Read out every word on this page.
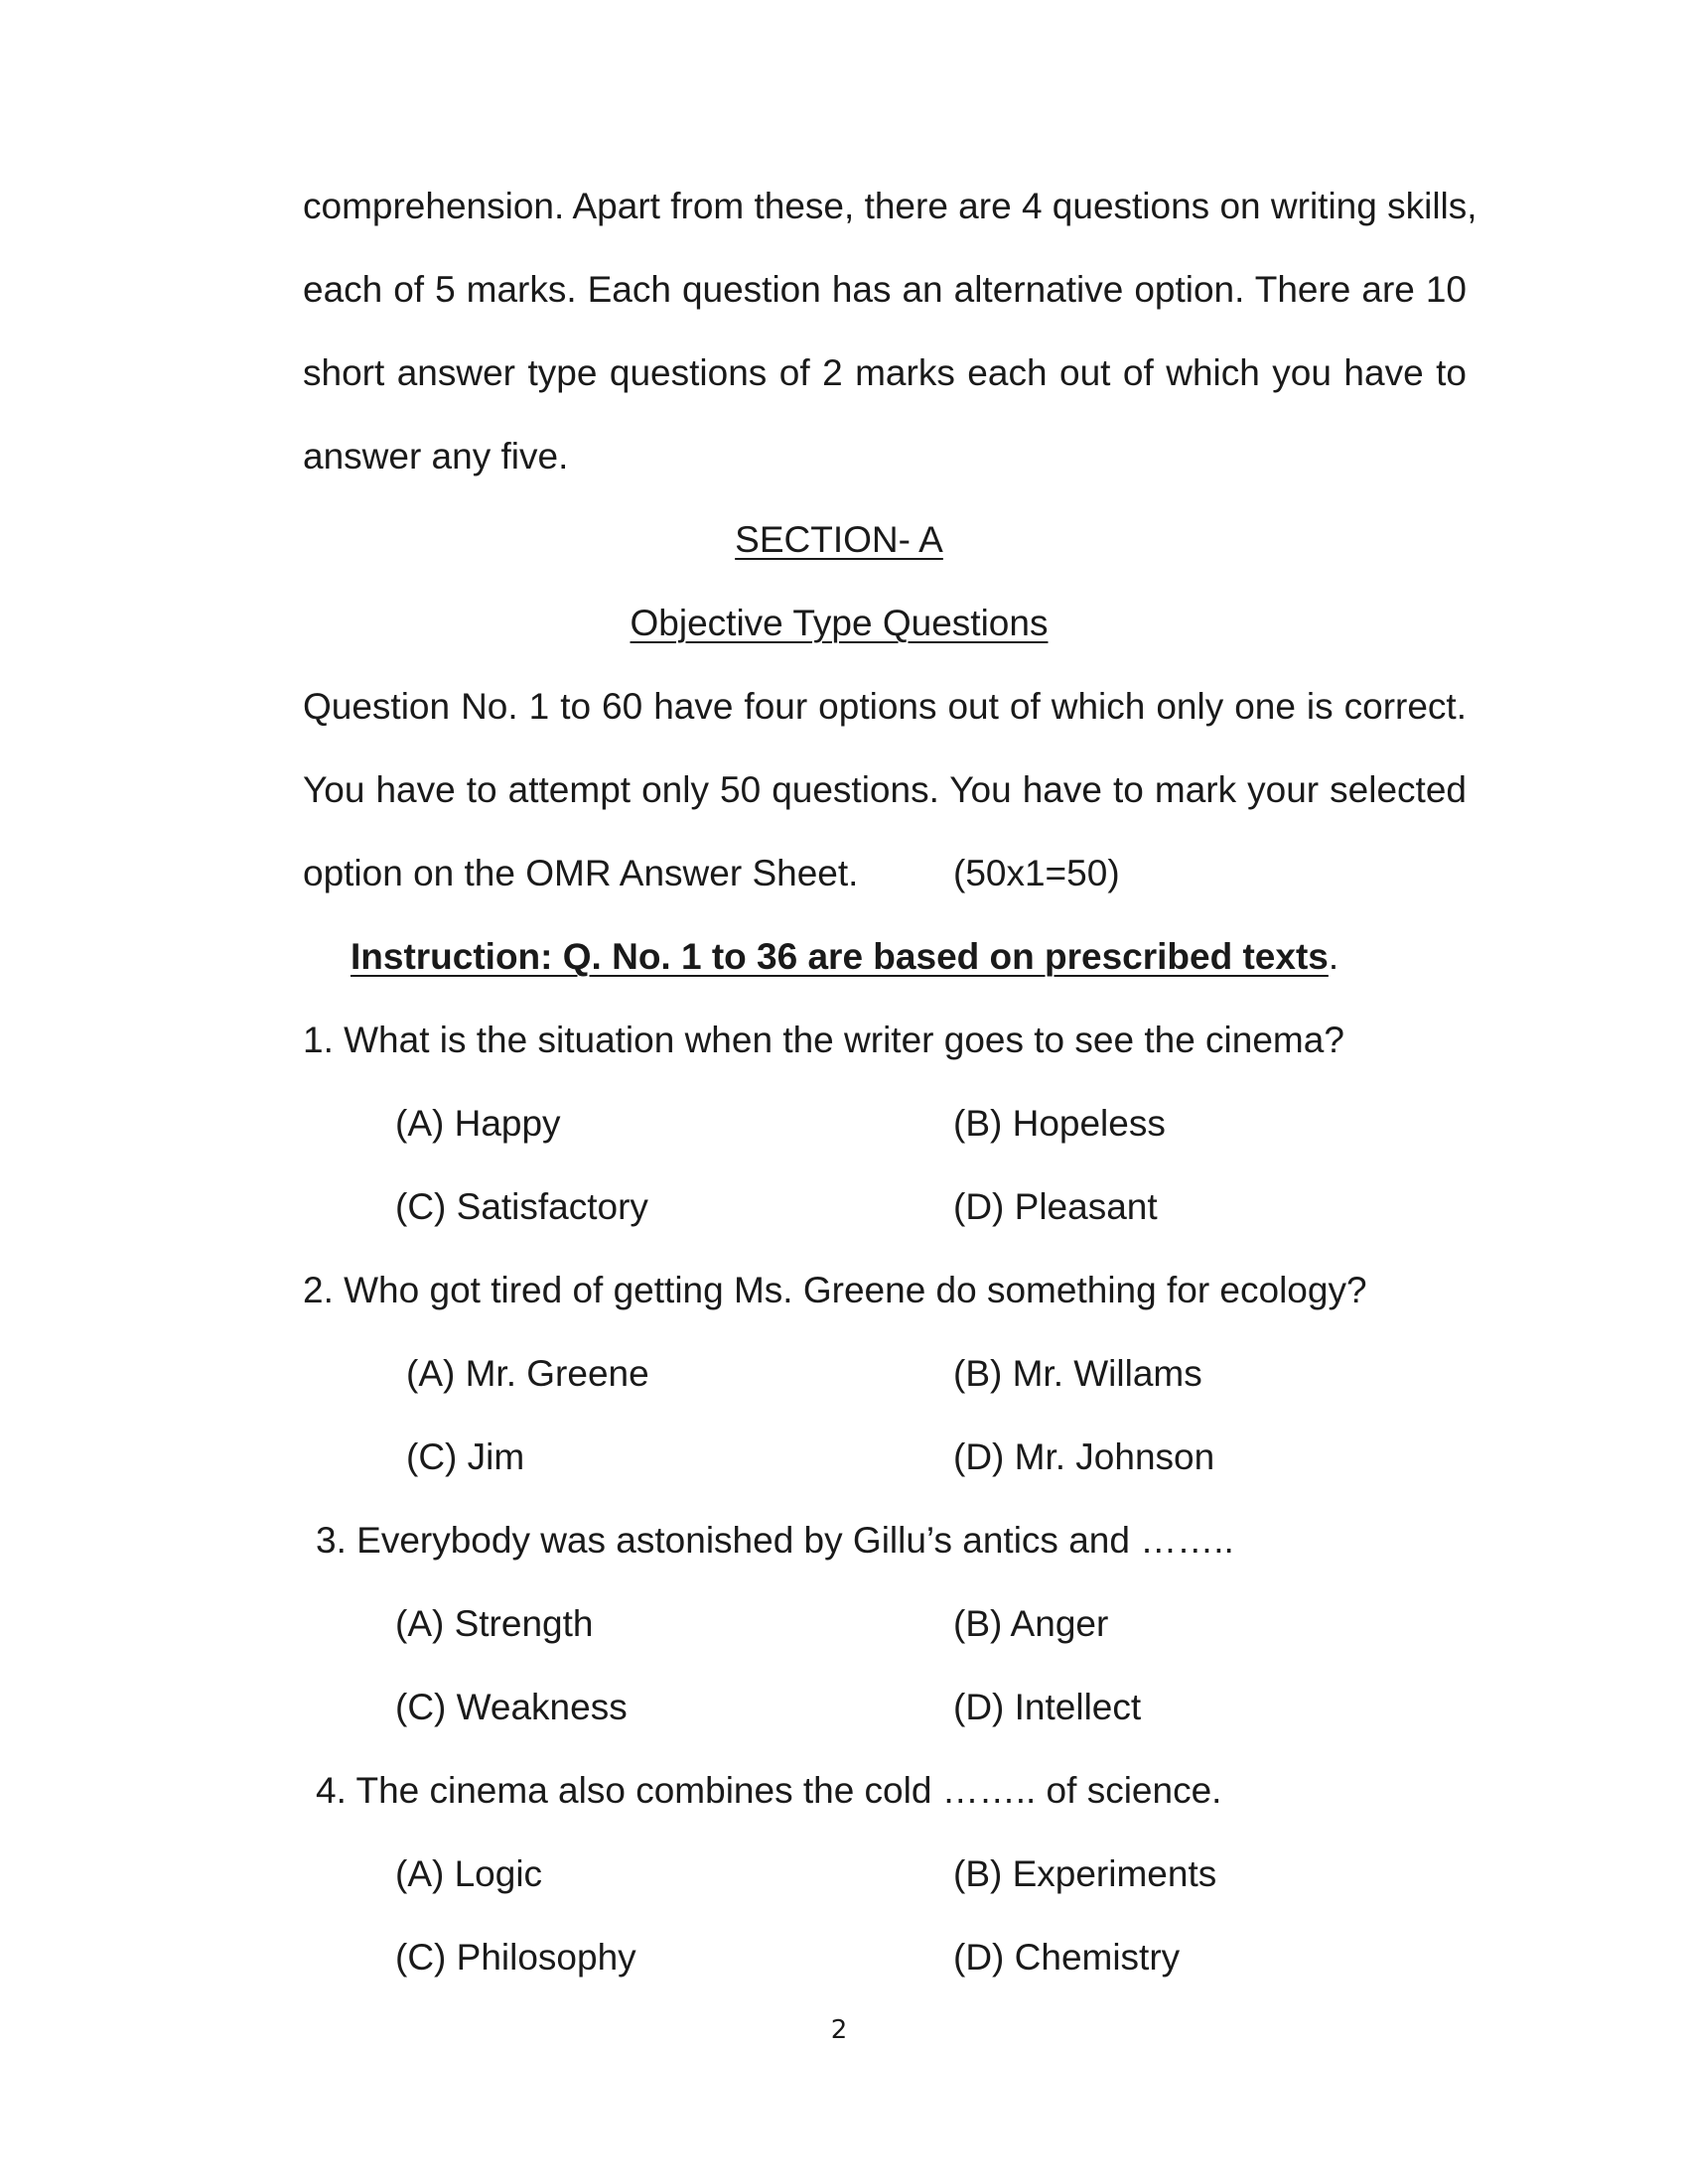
comprehension. Apart from these, there are 4 questions on writing skills,
each of 5 marks. Each question has an alternative option. There are 10
short answer type questions of 2 marks each out of which you have to
answer any five.
SECTION- A
Objective Type Questions
Question No. 1 to 60 have four options out of which only one is correct.
You have to attempt only 50 questions. You have to mark your selected
option on the OMR Answer Sheet.	(50x1=50)
Instruction: Q. No. 1 to 36 are based on prescribed texts.
1. What is the situation when the writer goes to see the cinema?
(A) Happy	(B) Hopeless
(C) Satisfactory	(D) Pleasant
2. Who got tired of getting Ms. Greene do something for ecology?
(A) Mr. Greene	(B) Mr. Willams
(C) Jim	(D) Mr. Johnson
3. Everybody was astonished by Gillu’s antics and ……..
(A) Strength	(B) Anger
(C) Weakness	(D) Intellect
4. The cinema also combines the cold …….. of science.
(A) Logic	(B) Experiments
(C) Philosophy	(D) Chemistry
2
